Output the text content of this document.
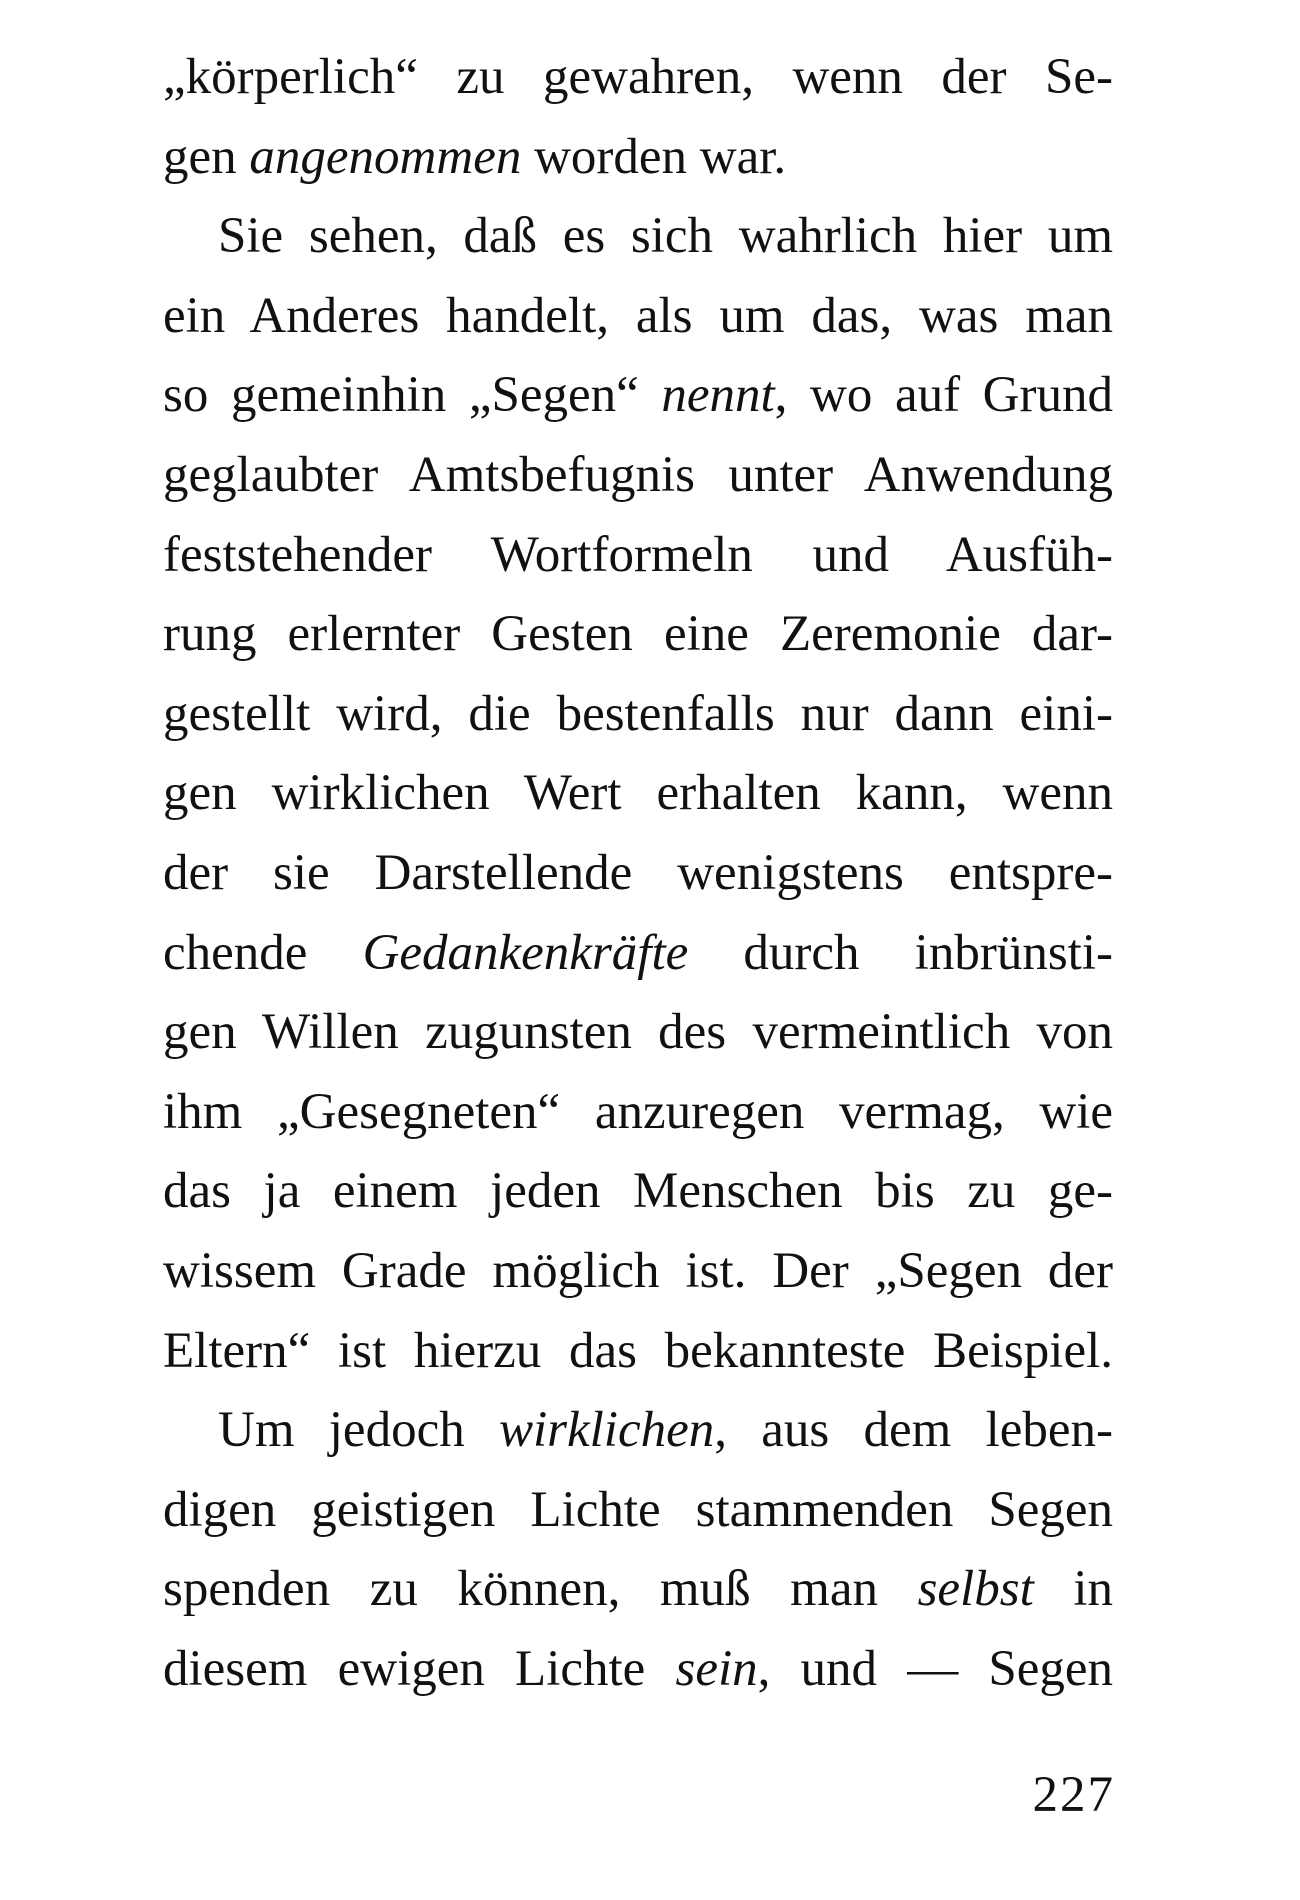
„körperlich“ zu gewahren, wenn der Se-
gen angenommen worden war.
Sie sehen, daß es sich wahrlich hier um
ein Anderes handelt, als um das, was man
so gemeinhin „Segen“ nennt, wo auf Grund
geglaubter Amtsbefugnis unter Anwendung
feststehender Wortformeln und Ausfüh-
rung erlernter Gesten eine Zeremonie dar-
gestellt wird, die bestenfalls nur dann eini-
gen wirklichen Wert erhalten kann, wenn
der sie Darstellende wenigstens entspre-
chende Gedankenkräfte durch inbrünsti-
gen Willen zugunsten des vermeintlich von
ihm „Gesegneten“ anzuregen vermag, wie
das ja einem jeden Menschen bis zu ge-
wissem Grade möglich ist. Der „Segen der
Eltern“ ist hierzu das bekannteste Beispiel.
Um jedoch wirklichen, aus dem leben-
digen geistigen Lichte stammenden Segen
spenden zu können, muß man selbst in
diesem ewigen Lichte sein, und — Segen
227
